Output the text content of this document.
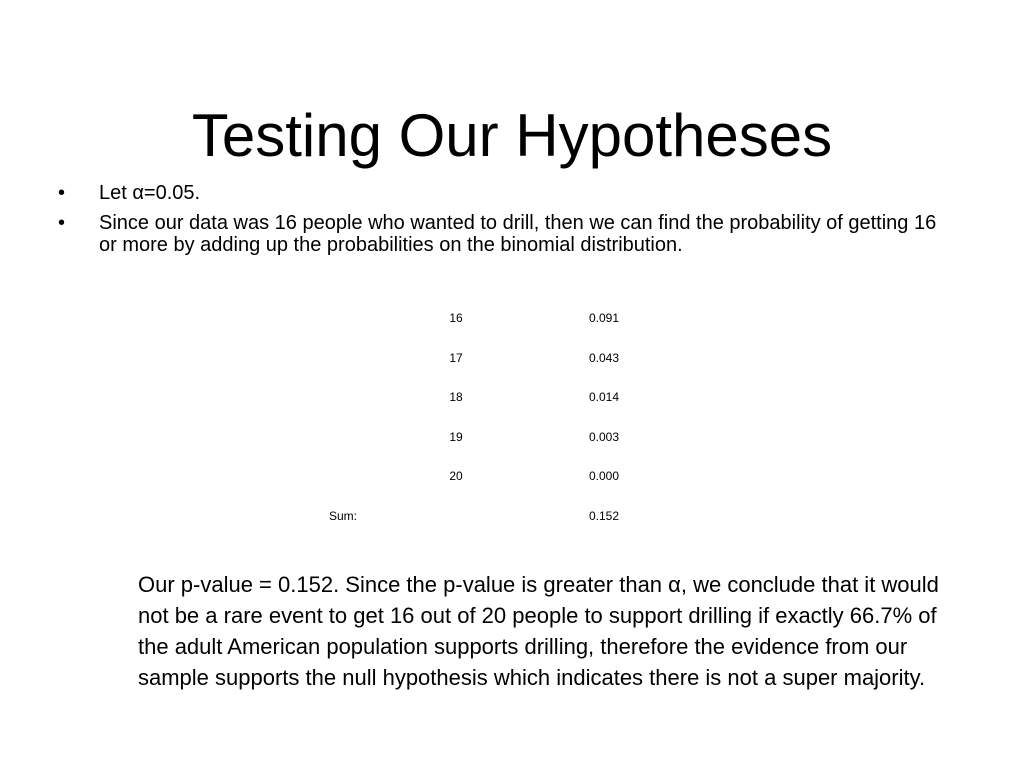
Testing Our Hypotheses
•	Let α=0.05.
•	Since our data was 16 people who wanted to drill, then we can find the probability of getting 16 or more by adding up the probabilities on the binomial distribution.
16	0.091
17	0.043
18	0.014
19	0.003
20	0.000
Sum:	0.152

Our p-value = 0.152. Since the p-value is greater than α, we conclude that it would not be a rare event to get 16 out of 20 people to support drilling if exactly 66.7% of the adult American population supports drilling, therefore the evidence from our sample supports the null hypothesis which indicates there is not a super majority.
